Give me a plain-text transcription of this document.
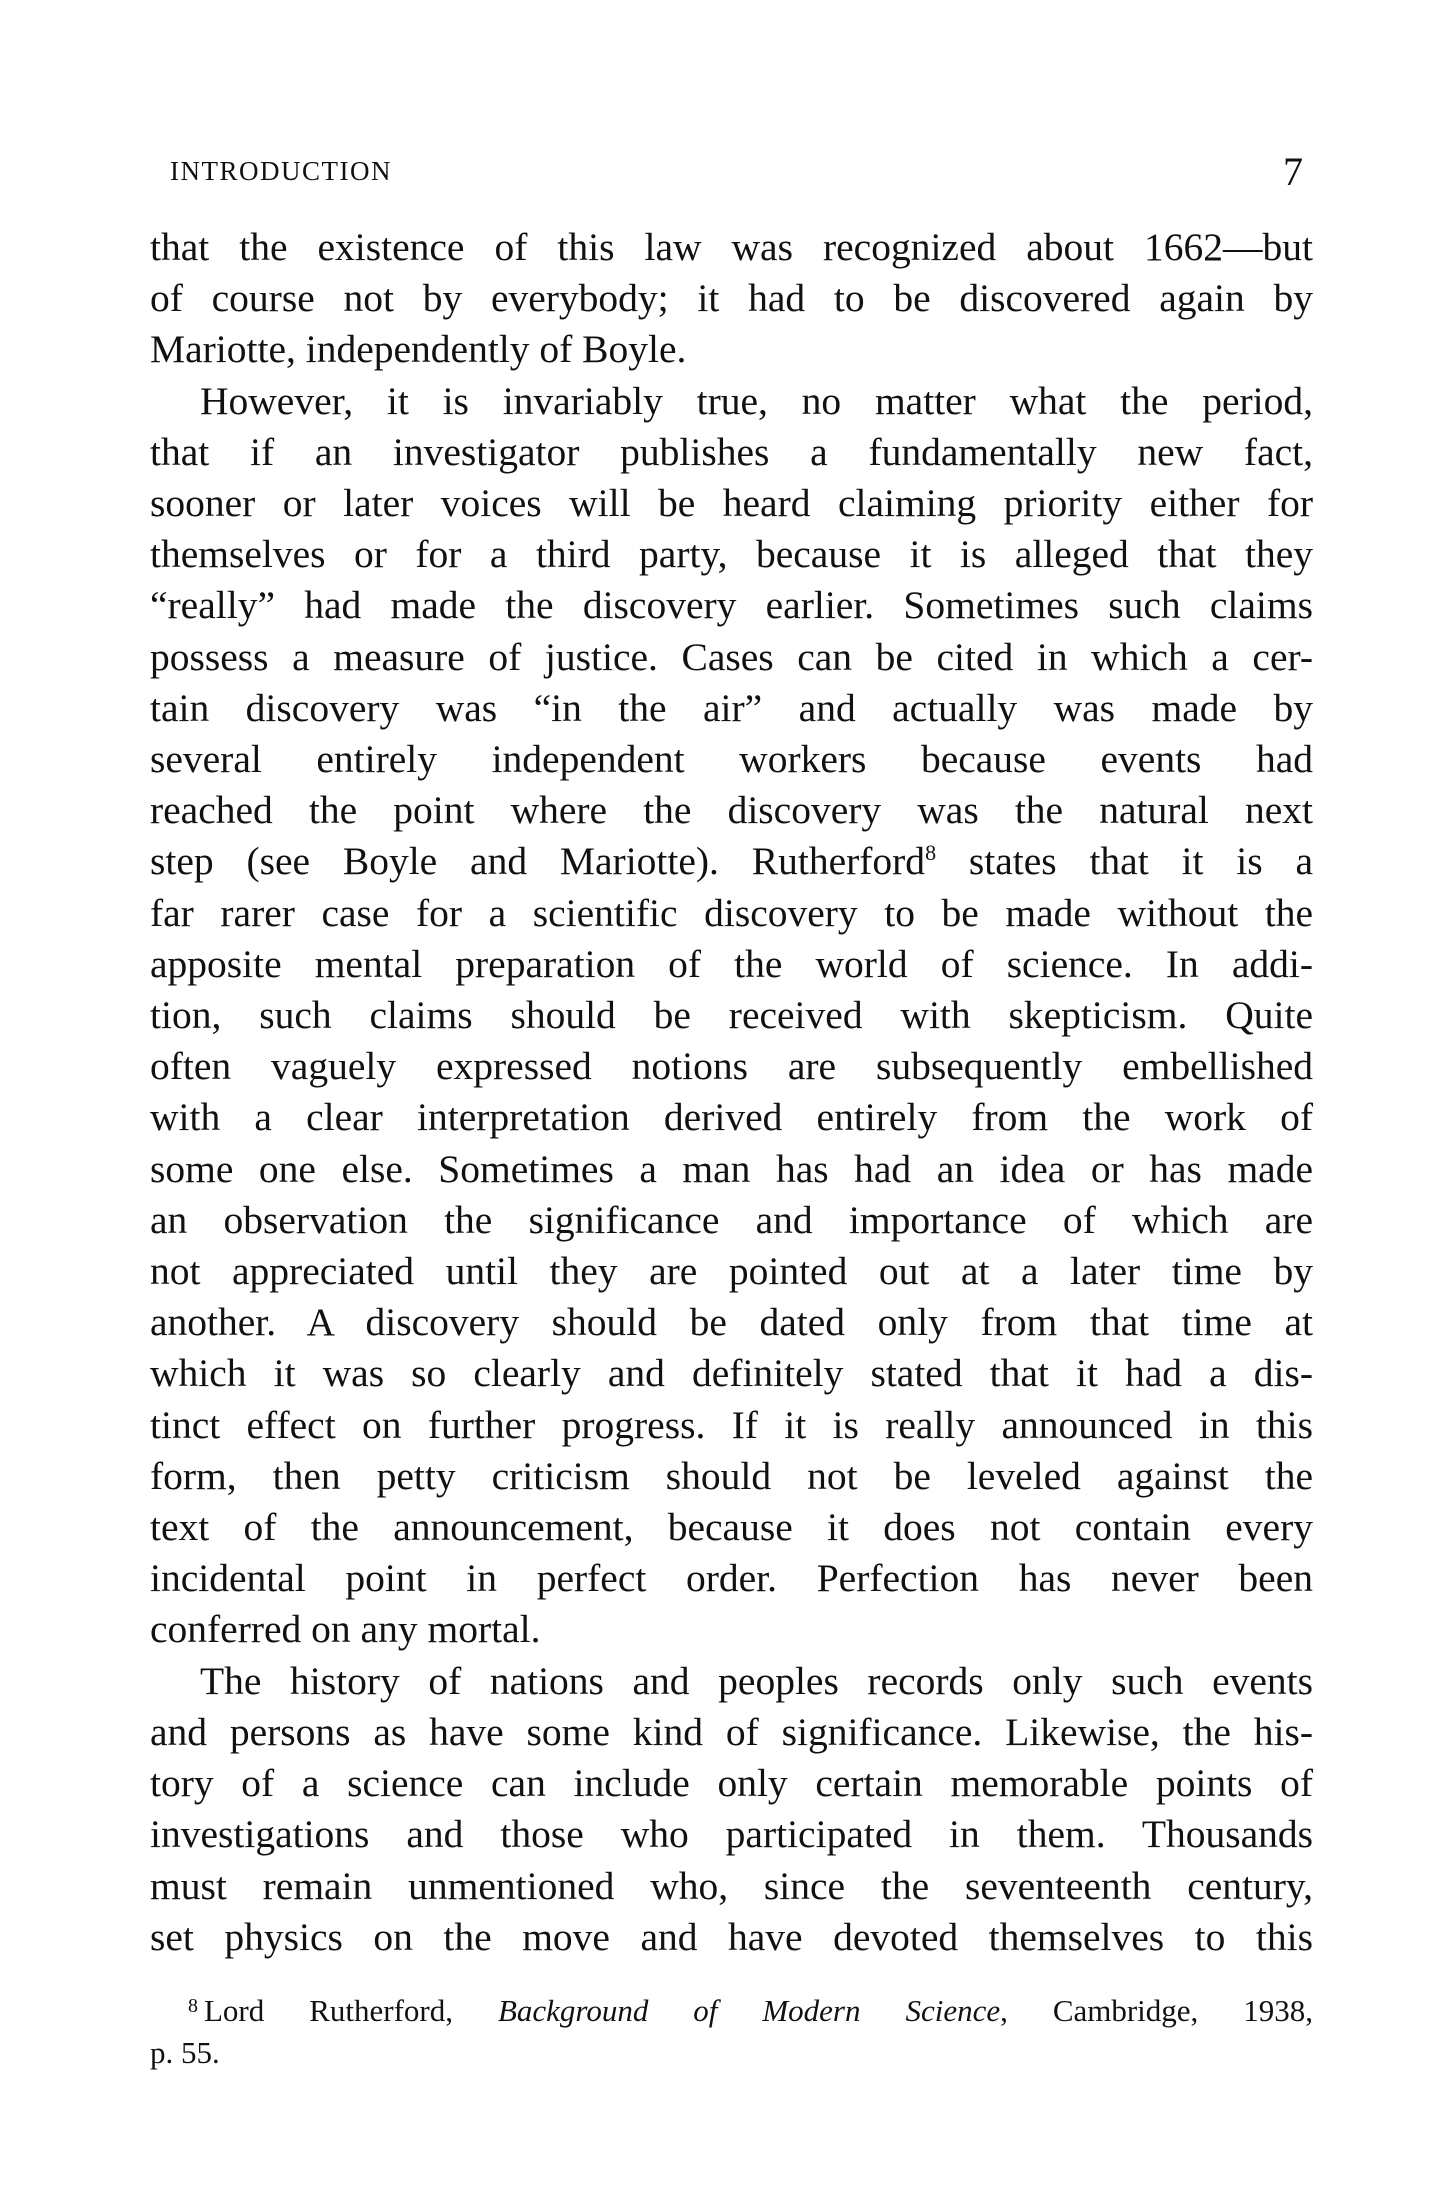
INTRODUCTION	7
that the existence of this law was recognized about 1662—but
of course not by everybody; it had to be discovered again by
Mariotte, independently of Boyle.
However, it is invariably true, no matter what the period,
that if an investigator publishes a fundamentally new fact,
sooner or later voices will be heard claiming priority either for
themselves or for a third party, because it is alleged that they
“really” had made the discovery earlier. Sometimes such claims
possess a measure of justice. Cases can be cited in which a cer-
tain discovery was “in the air” and actually was made by
several entirely independent workers because events had
reached the point where the discovery was the natural next
step (see Boyle and Mariotte). Rutherford$^8$ states that it is a
far rarer case for a scientific discovery to be made without the
apposite mental preparation of the world of science. In addi-
tion, such claims should be received with skepticism. Quite
often vaguely expressed notions are subsequently embellished
with a clear interpretation derived entirely from the work of
some one else. Sometimes a man has had an idea or has made
an observation the significance and importance of which are
not appreciated until they are pointed out at a later time by
another. A discovery should be dated only from that time at
which it was so clearly and definitely stated that it had a dis-
tinct effect on further progress. If it is really announced in this
form, then petty criticism should not be leveled against the
text of the announcement, because it does not contain every
incidental point in perfect order. Perfection has never been
conferred on any mortal.
The history of nations and peoples records only such events
and persons as have some kind of significance. Likewise, the his-
tory of a science can include only certain memorable points of
investigations and those who participated in them. Thousands
must remain unmentioned who, since the seventeenth century,
set physics on the move and have devoted themselves to this
$^8$ Lord Rutherford, Background of Modern Science, Cambridge, 1938,
p. 55.
